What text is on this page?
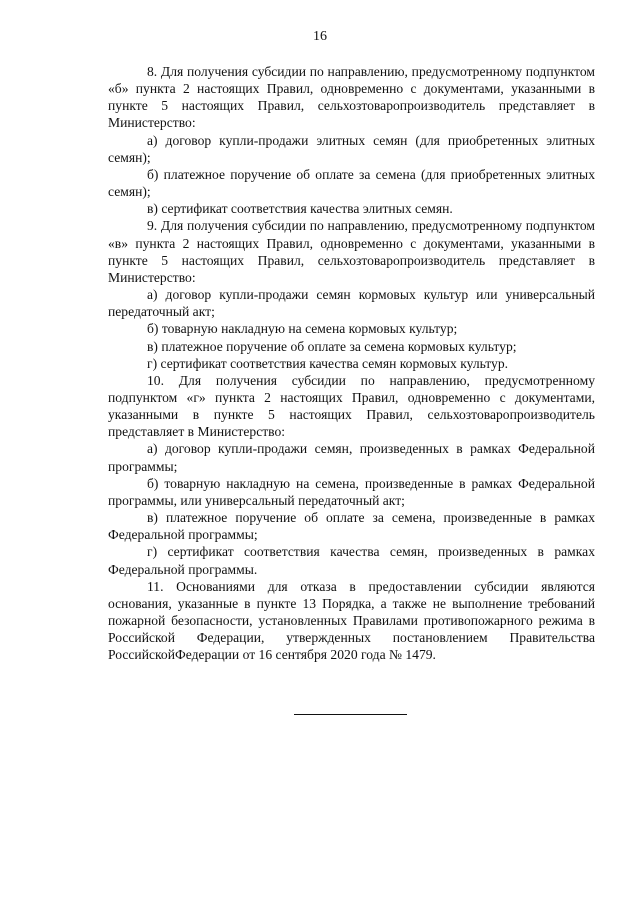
16

8. Для получения субсидии по направлению, предусмотренному подпунктом «б» пункта 2 настоящих Правил, одновременно с документами, указанными в пункте 5 настоящих Правил, сельхозтоваропроизводитель представляет в Министерство:

а) договор купли-продажи элитных семян (для приобретенных элитных семян);

б) платежное поручение об оплате за семена (для приобретенных элитных семян);

в) сертификат соответствия качества элитных семян.

9. Для получения субсидии по направлению, предусмотренному подпунктом «в» пункта 2 настоящих Правил, одновременно с документами, указанными в пункте 5 настоящих Правил, сельхозтоваропроизводитель представляет в Министерство:

а) договор купли-продажи семян кормовых культур или универсальный передаточный акт;

б) товарную накладную на семена кормовых культур;

в) платежное поручение об оплате за семена кормовых культур;

г) сертификат соответствия качества семян кормовых культур.

10. Для получения субсидии по направлению, предусмотренному подпунктом «г» пункта 2 настоящих Правил, одновременно с документами, указанными в пункте 5 настоящих Правил, сельхозтоваропроизводитель представляет в Министерство:

а) договор купли-продажи семян, произведенных в рамках Федеральной программы;

б) товарную накладную на семена, произведенные в рамках Федеральной программы, или универсальный передаточный акт;

в) платежное поручение об оплате за семена, произведенные в рамках Федеральной программы;

г) сертификат соответствия качества семян, произведенных в рамках Федеральной программы.

11. Основаниями для отказа в предоставлении субсидии являются основания, указанные в пункте 13 Порядка, а также не выполнение требований пожарной безопасности, установленных Правилами противопожарного режима в Российской Федерации, утвержденных постановлением Правительства РоссийскойФедерации от 16 сентября 2020 года № 1479.
